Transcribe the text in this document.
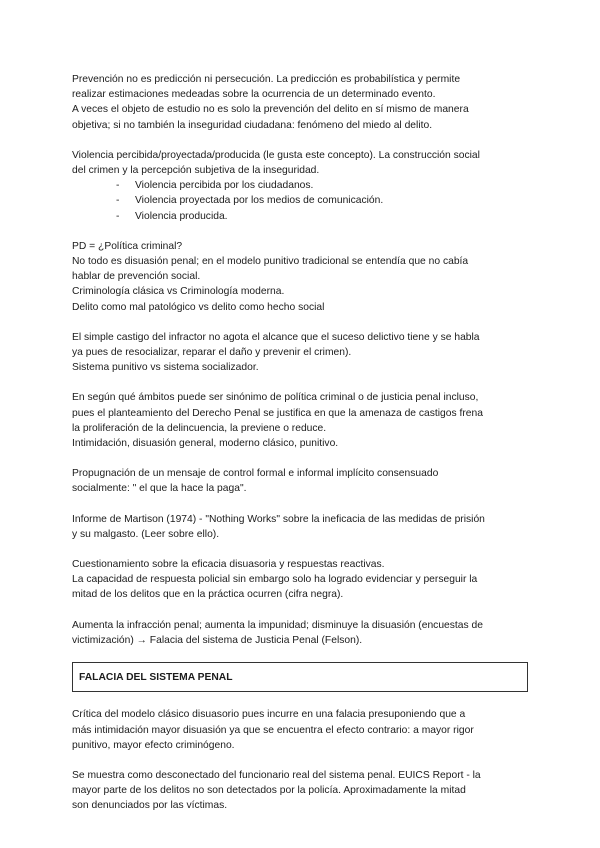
Prevención no es predicción ni persecución. La predicción es probabilística y permite
realizar estimaciones medeadas sobre la ocurrencia de un determinado evento.
A veces el objeto de estudio no es solo la prevención del delito en sí mismo de manera
objetiva; si no también la inseguridad ciudadana: fenómeno del miedo al delito.

Violencia percibida/proyectada/producida (le gusta este concepto). La construcción social
del crimen y la percepción subjetiva de la inseguridad.

- Violencia percibida por los ciudadanos.
- Violencia proyectada por los medios de comunicación.
- Violencia producida.

PD = ¿Política criminal?
No todo es disuasión penal; en el modelo punitivo tradicional se entendía que no cabía
hablar de prevención social.
Criminología clásica vs Criminología moderna.
Delito como mal patológico vs delito como hecho social

El simple castigo del infractor no agota el alcance que el suceso delictivo tiene y se habla
ya pues de resocializar, reparar el daño y prevenir el crimen).
Sistema punitivo vs sistema socializador.

En según qué ámbitos puede ser sinónimo de política criminal o de justicia penal incluso,
pues el planteamiento del Derecho Penal se justifica en que la amenaza de castigos frena
la proliferación de la delincuencia, la previene o reduce.
Intimidación, disuasión general, moderno clásico, punitivo.

Propugnación de un mensaje de control formal e informal implícito consensuado
socialmente: " el que la hace la paga".

Informe de Martison (1974) - "Nothing Works" sobre la ineficacia de las medidas de prisión
y su malgasto. (Leer sobre ello).

Cuestionamiento sobre la eficacia disuasoria y respuestas reactivas.
La capacidad de respuesta policial sin embargo solo ha logrado evidenciar y perseguir la
mitad de los delitos que en la práctica ocurren (cifra negra).

Aumenta la infracción penal; aumenta la impunidad; disminuye la disuasión (encuestas de
victimización) → Falacia del sistema de Justicia Penal (Felson).

FALACIA DEL SISTEMA PENAL

Crítica del modelo clásico disuasorio pues incurre en una falacia presuponiendo que a
más intimidación mayor disuasión ya que se encuentra el efecto contrario: a mayor rigor
punitivo, mayor efecto criminógeno.

Se muestra como desconectado del funcionario real del sistema penal. EUICS Report - la
mayor parte de los delitos no son detectados por la policía. Aproximadamente la mitad
son denunciados por las víctimas.
